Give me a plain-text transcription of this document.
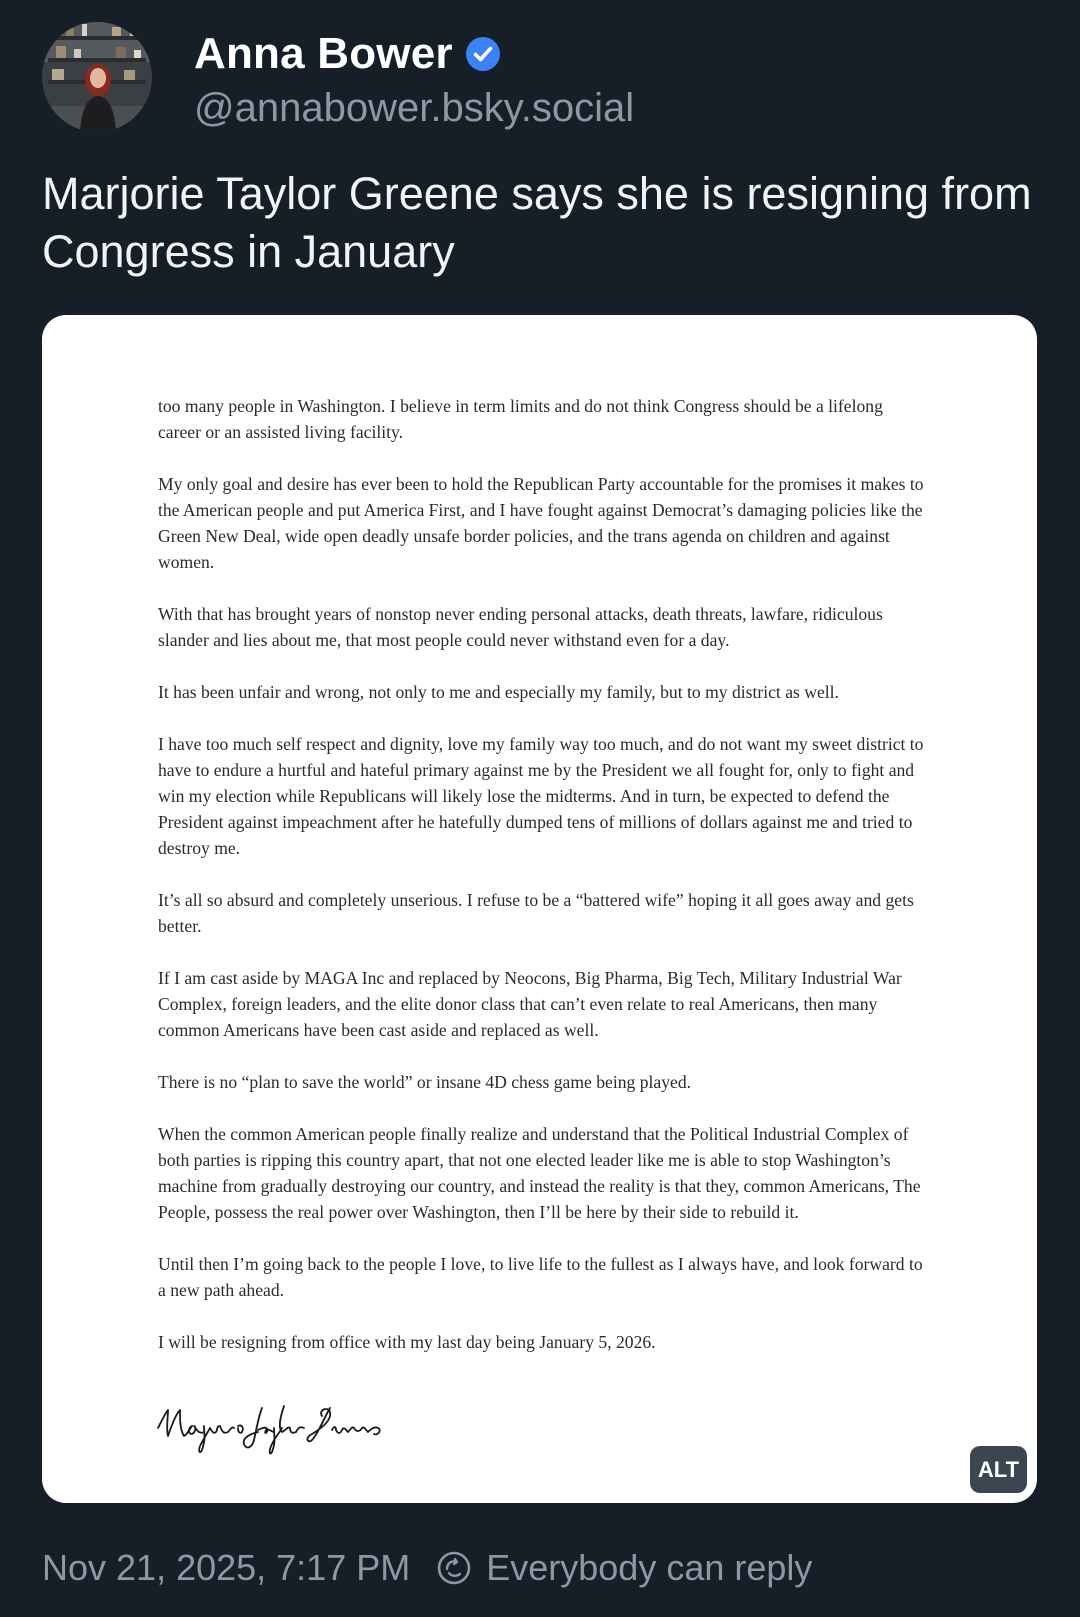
Anna Bower
@annabower.bsky.social
Marjorie Taylor Greene says she is resigning from Congress in January

too many people in Washington. I believe in term limits and do not think Congress should be a lifelong career or an assisted living facility.

My only goal and desire has ever been to hold the Republican Party accountable for the promises it makes to the American people and put America First, and I have fought against Democrat’s damaging policies like the Green New Deal, wide open deadly unsafe border policies, and the trans agenda on children and against women.

With that has brought years of nonstop never ending personal attacks, death threats, lawfare, ridiculous slander and lies about me, that most people could never withstand even for a day.

It has been unfair and wrong, not only to me and especially my family, but to my district as well.

I have too much self respect and dignity, love my family way too much, and do not want my sweet district to have to endure a hurtful and hateful primary against me by the President we all fought for, only to fight and win my election while Republicans will likely lose the midterms. And in turn, be expected to defend the President against impeachment after he hatefully dumped tens of millions of dollars against me and tried to destroy me.

It’s all so absurd and completely unserious. I refuse to be a “battered wife” hoping it all goes away and gets better.

If I am cast aside by MAGA Inc and replaced by Neocons, Big Pharma, Big Tech, Military Industrial War Complex, foreign leaders, and the elite donor class that can’t even relate to real Americans, then many common Americans have been cast aside and replaced as well.

There is no “plan to save the world” or insane 4D chess game being played.

When the common American people finally realize and understand that the Political Industrial Complex of both parties is ripping this country apart, that not one elected leader like me is able to stop Washington’s machine from gradually destroying our country, and instead the reality is that they, common Americans, The People, possess the real power over Washington, then I’ll be here by their side to rebuild it.

Until then I’m going back to the people I love, to live life to the fullest as I always have, and look forward to a new path ahead.

I will be resigning from office with my last day being January 5, 2026.

ALT
Nov 21, 2025, 7:17 PM Everybody can reply
